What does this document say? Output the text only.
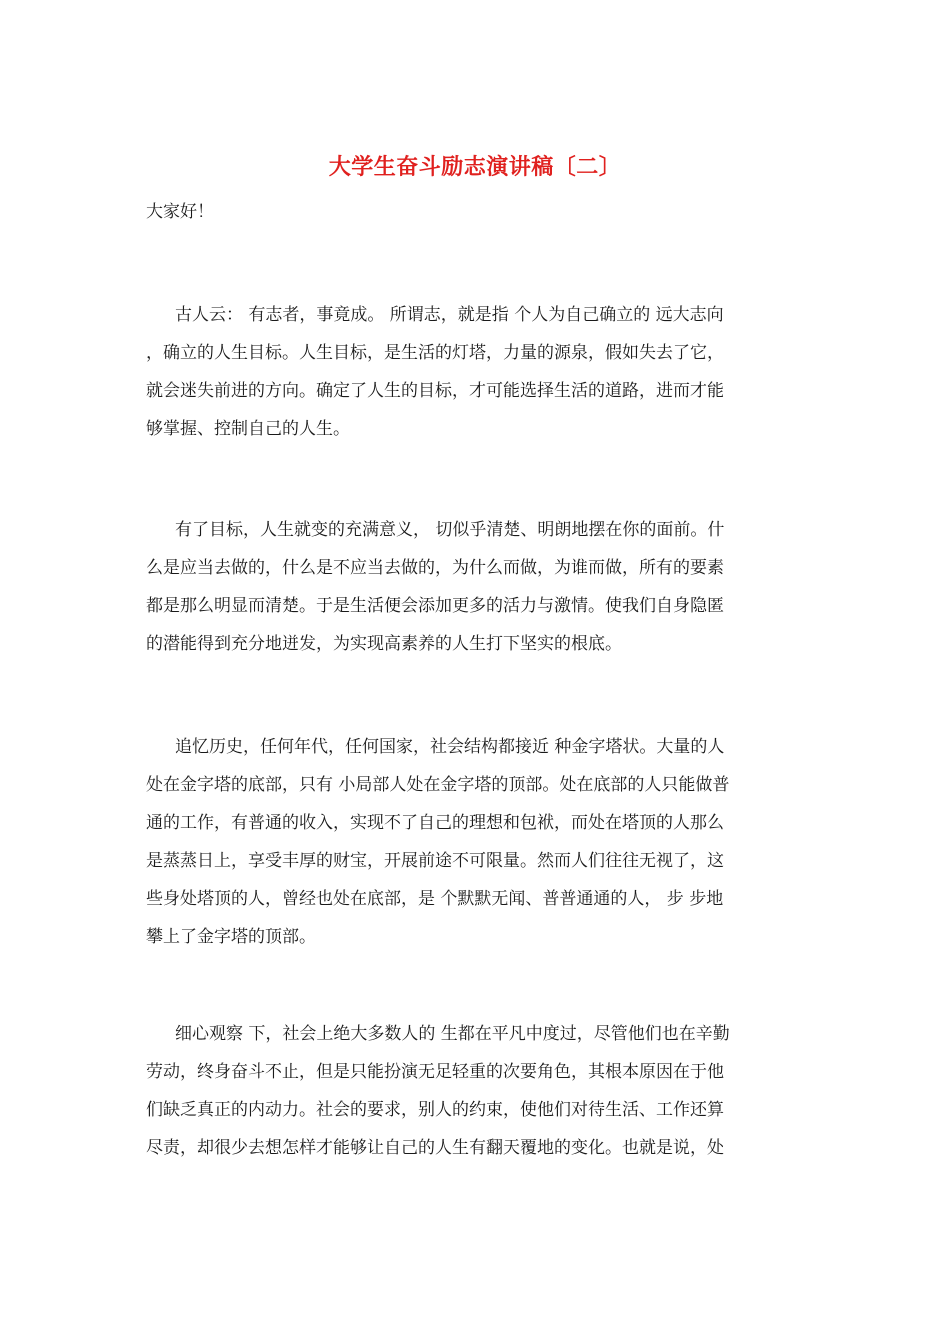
大学生奋斗励志演讲稿〔二〕
大家好！
古人云： 有志者，事竟成。 所谓志，就是指 个人为自己确立的 远大志向
，确立的人生目标。人生目标，是生活的灯塔，力量的源泉，假如失去了它，
就会迷失前进的方向。确定了人生的目标，才可能选择生活的道路，进而才能
够掌握、控制自己的人生。
有了目标，人生就变的充满意义， 切似乎清楚、明朗地摆在你的面前。什
么是应当去做的，什么是不应当去做的，为什么而做，为谁而做，所有的要素
都是那么明显而清楚。于是生活便会添加更多的活力与激情。使我们自身隐匿
的潜能得到充分地迸发，为实现高素养的人生打下坚实的根底。
追忆历史，任何年代，任何国家，社会结构都接近 种金字塔状。大量的人
处在金字塔的底部，只有 小局部人处在金字塔的顶部。处在底部的人只能做普
通的工作，有普通的收入，实现不了自己的理想和包袱，而处在塔顶的人那么
是蒸蒸日上，享受丰厚的财宝，开展前途不可限量。然而人们往往无视了，这
些身处塔顶的人，曾经也处在底部，是 个默默无闻、普普通通的人， 步 步地
攀上了金字塔的顶部。
细心观察 下，社会上绝大多数人的 生都在平凡中度过，尽管他们也在辛勤
劳动，终身奋斗不止，但是只能扮演无足轻重的次要角色，其根本原因在于他
们缺乏真正的内动力。社会的要求，别人的约束，使他们对待生活、工作还算
尽责，却很少去想怎样才能够让自己的人生有翻天覆地的变化。也就是说，处
